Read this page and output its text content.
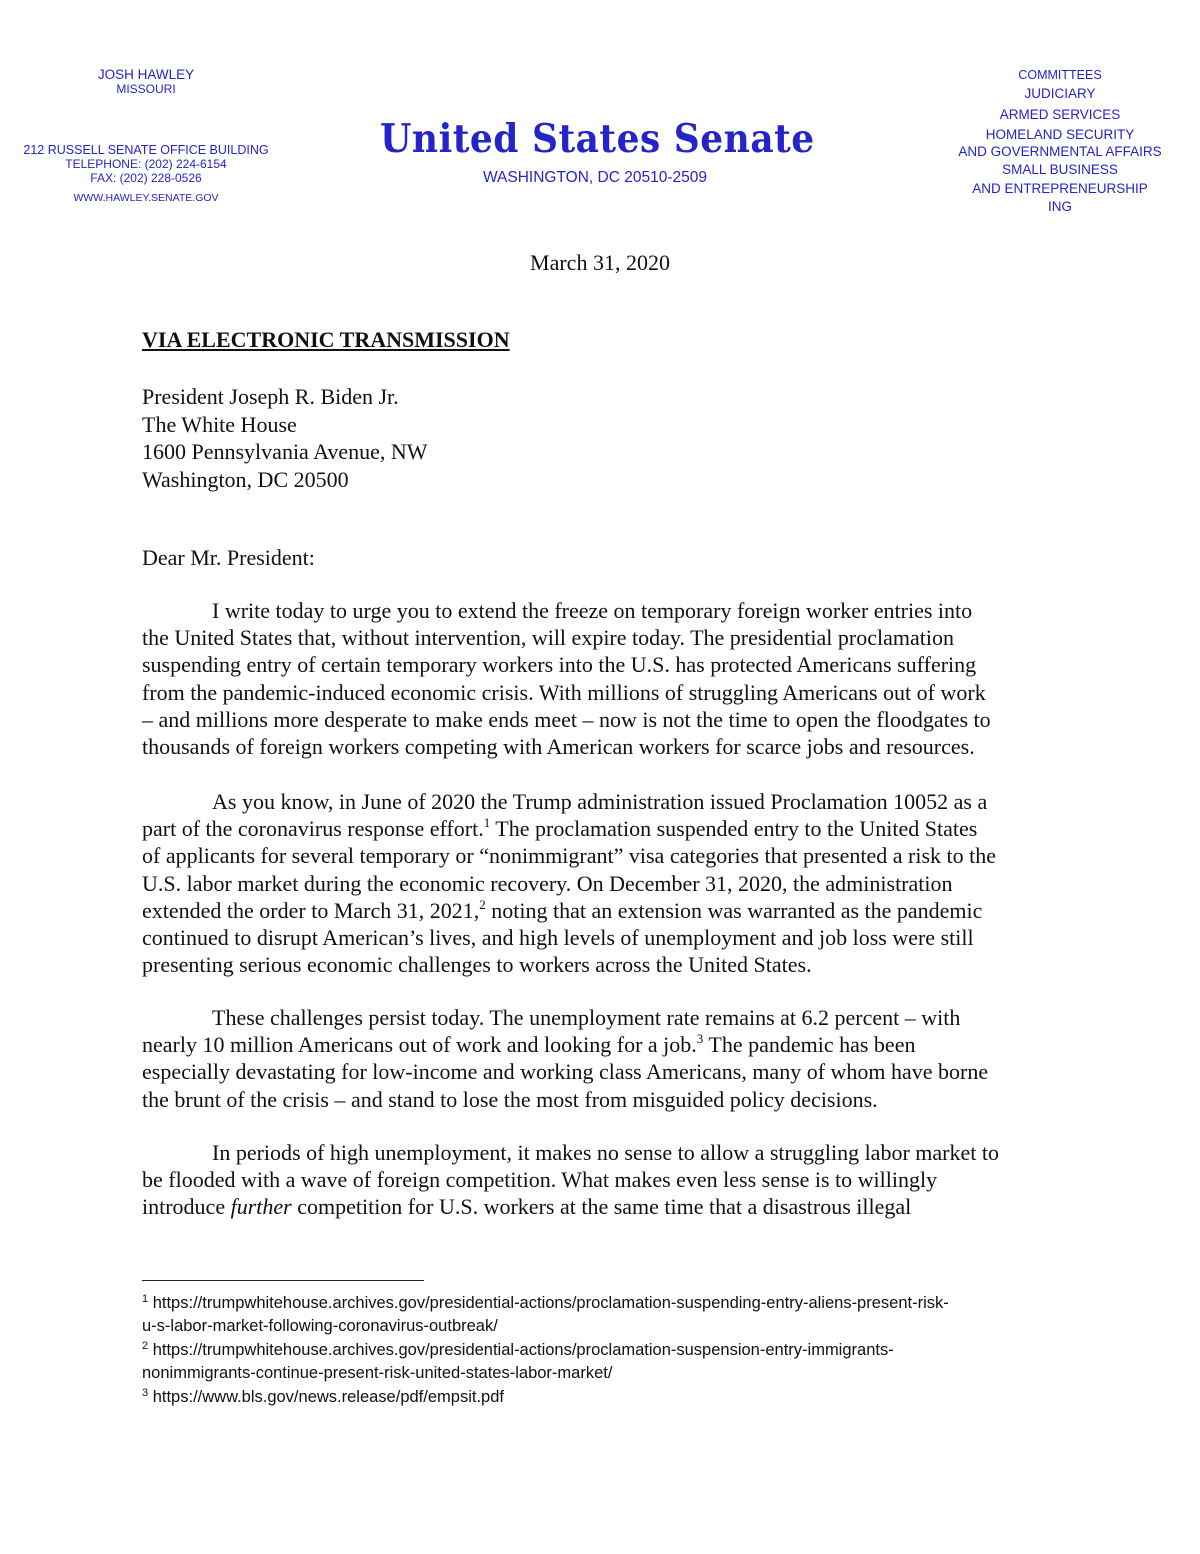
JOSH HAWLEY
MISSOURI
212 RUSSELL SENATE OFFICE BUILDING
TELEPHONE: (202) 224-6154
FAX: (202) 228-0526
WWW.HAWLEY.SENATE.GOV
United States Senate
WASHINGTON, DC 20510-2509
COMMITTEES
JUDICIARY
ARMED SERVICES
HOMELAND SECURITY
AND GOVERNMENTAL AFFAIRS
SMALL BUSINESS
AND ENTREPRENEURSHIP
ING
March 31, 2020
VIA ELECTRONIC TRANSMISSION
President Joseph R. Biden Jr.
The White House
1600 Pennsylvania Avenue, NW
Washington, DC 20500
Dear Mr. President:
I write today to urge you to extend the freeze on temporary foreign worker entries into
the United States that, without intervention, will expire today. The presidential proclamation
suspending entry of certain temporary workers into the U.S. has protected Americans suffering
from the pandemic-induced economic crisis. With millions of struggling Americans out of work
– and millions more desperate to make ends meet – now is not the time to open the floodgates to
thousands of foreign workers competing with American workers for scarce jobs and resources.
As you know, in June of 2020 the Trump administration issued Proclamation 10052 as a
part of the coronavirus response effort.$^1$ The proclamation suspended entry to the United States
of applicants for several temporary or “nonimmigrant” visa categories that presented a risk to the
U.S. labor market during the economic recovery. On December 31, 2020, the administration
extended the order to March 31, 2021,$^2$ noting that an extension was warranted as the pandemic
continued to disrupt American’s lives, and high levels of unemployment and job loss were still
presenting serious economic challenges to workers across the United States.
These challenges persist today. The unemployment rate remains at 6.2 percent – with
nearly 10 million Americans out of work and looking for a job.$^3$ The pandemic has been
especially devastating for low-income and working class Americans, many of whom have borne
the brunt of the crisis – and stand to lose the most from misguided policy decisions.
In periods of high unemployment, it makes no sense to allow a struggling labor market to
be flooded with a wave of foreign competition. What makes even less sense is to willingly
introduce further competition for U.S. workers at the same time that a disastrous illegal
$^1$ https://trumpwhitehouse.archives.gov/presidential-actions/proclamation-suspending-entry-aliens-present-risk-
u-s-labor-market-following-coronavirus-outbreak/
$^2$ https://trumpwhitehouse.archives.gov/presidential-actions/proclamation-suspension-entry-immigrants-
nonimmigrants-continue-present-risk-united-states-labor-market/
$^3$ https://www.bls.gov/news.release/pdf/empsit.pdf
